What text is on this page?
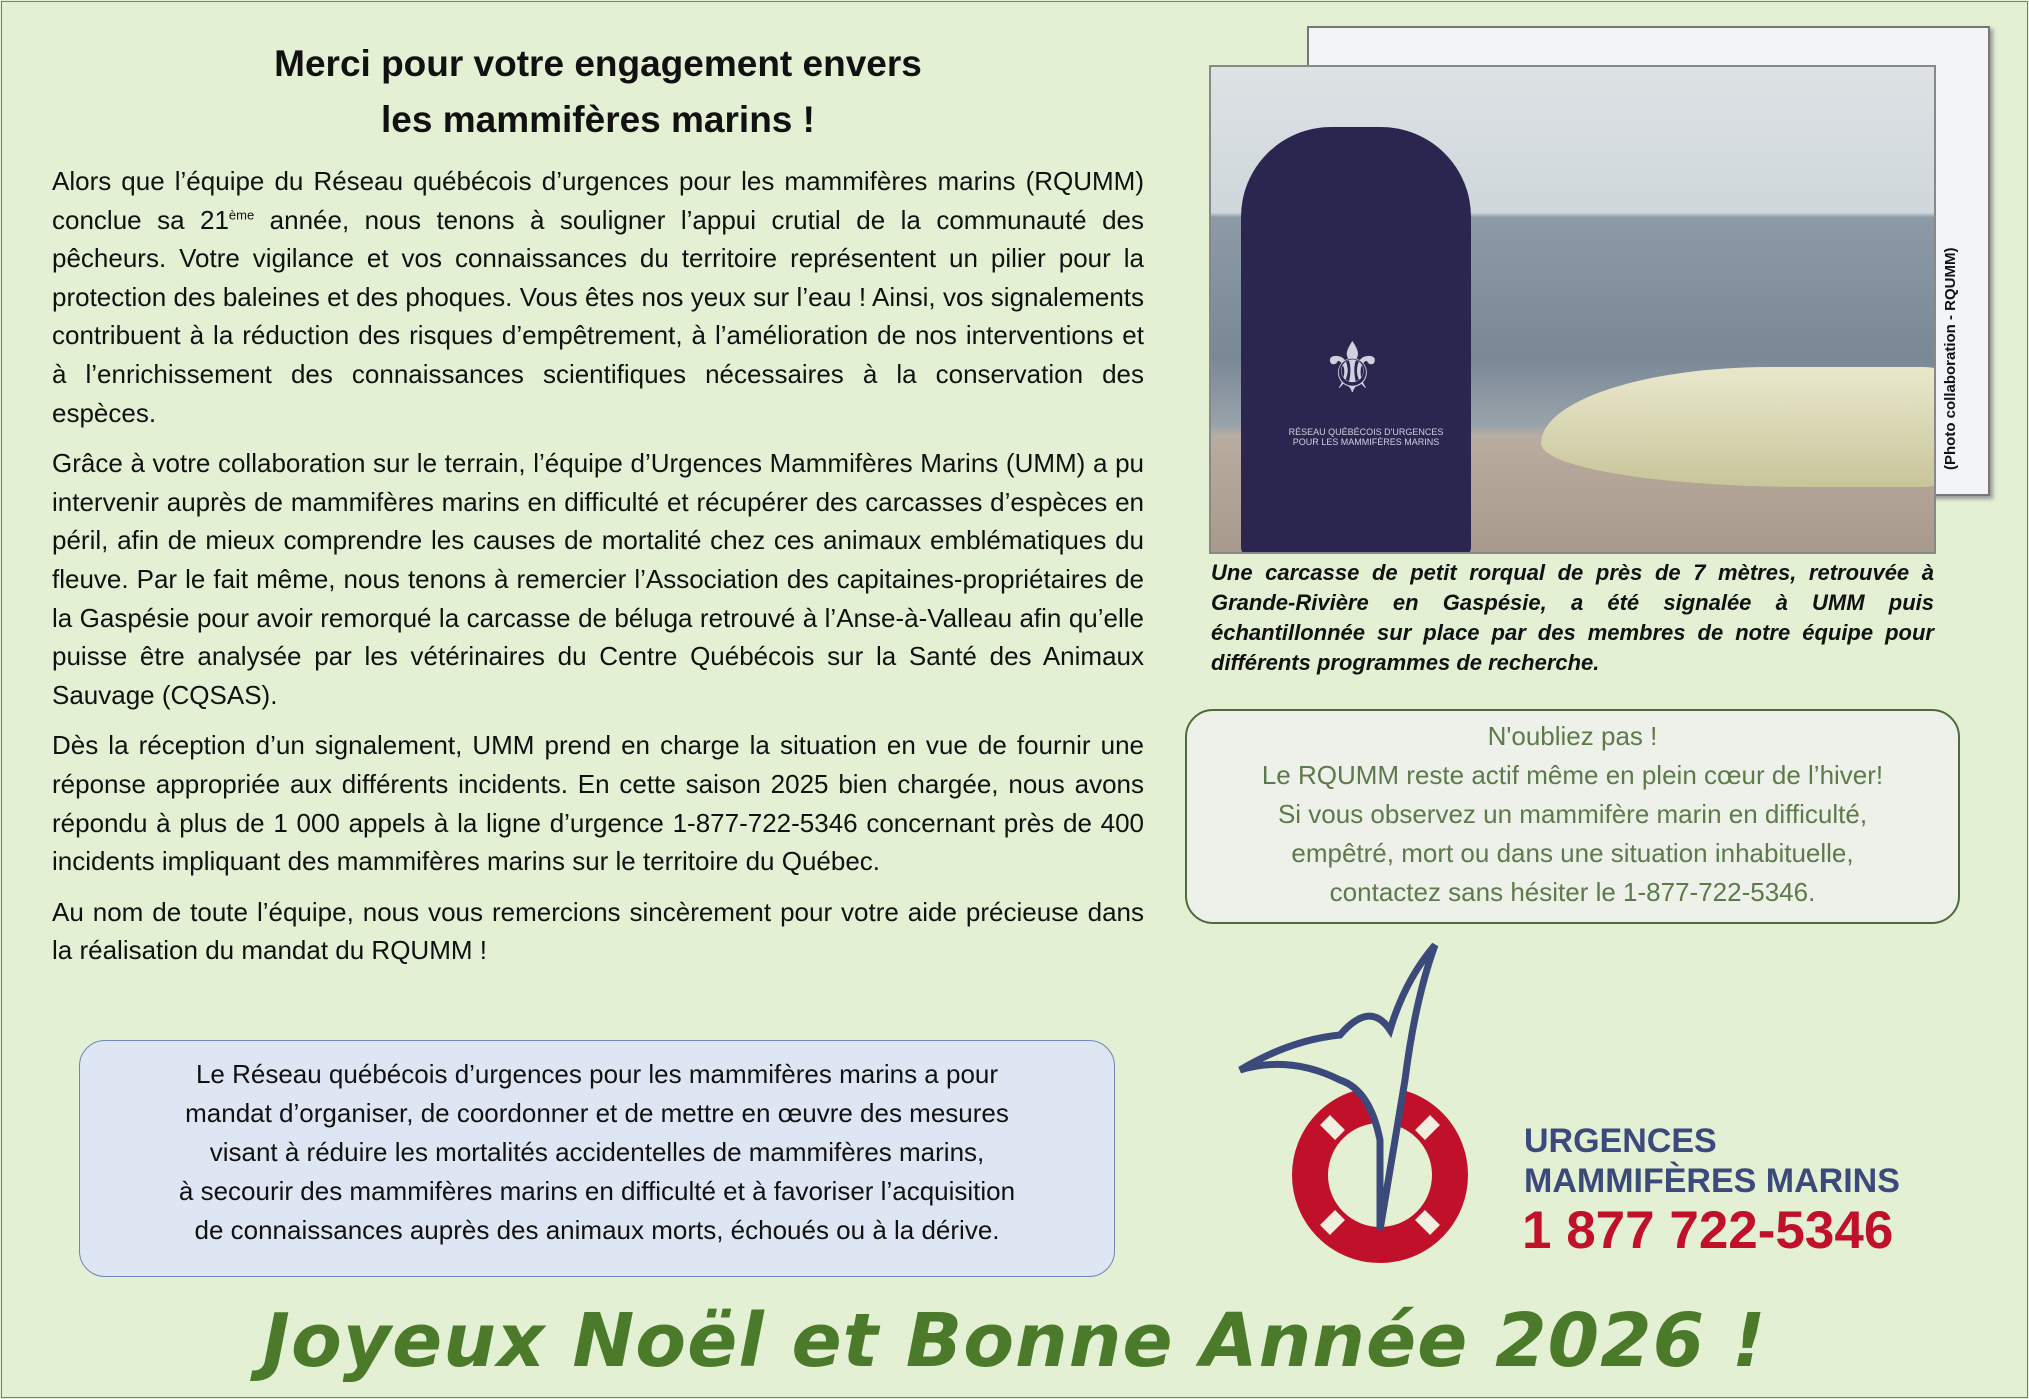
Merci pour votre engagement envers
les mammifères marins !

Alors que l’équipe du Réseau québécois d’urgences pour les mammifères marins (RQUMM) conclue sa 21ème année, nous tenons à souligner l’appui crutial de la communauté des pêcheurs. Votre vigilance et vos connaissances du territoire représentent un pilier pour la protection des baleines et des phoques. Vous êtes nos yeux sur l’eau ! Ainsi, vos signalements contribuent à la réduction des risques d’empêtrement, à l’amélioration de nos interventions et à l’enrichissement des connaissances scientifiques nécessaires à la conservation des espèces.

Grâce à votre collaboration sur le terrain, l’équipe d’Urgences Mammifères Marins (UMM) a pu intervenir auprès de mammifères marins en difficulté et récupérer des carcasses d’espèces en péril, afin de mieux comprendre les causes de mortalité chez ces animaux emblématiques du fleuve. Par le fait même, nous tenons à remercier l’Association des capitaines-propriétaires de la Gaspésie pour avoir remorqué la carcasse de béluga retrouvé à l’Anse-à-Valleau afin qu’elle puisse être analysée par les vétérinaires du Centre Québécois sur la Santé des Animaux Sauvage (CQSAS).

Dès la réception d’un signalement, UMM prend en charge la situation en vue de fournir une réponse appropriée aux différents incidents. En cette saison 2025 bien chargée, nous avons répondu à plus de 1 000 appels à la ligne d’urgence 1-877-722-5346 concernant près de 400 incidents impliquant des mammifères marins sur le territoire du Québec.

Au nom de toute l’équipe, nous vous remercions sincèrement pour votre aide précieuse dans la réalisation du mandat du RQUMM !

Le Réseau québécois d’urgences pour les mammifères marins a pour
mandat d’organiser, de coordonner et de mettre en œuvre des mesures
visant à réduire les mortalités accidentelles de mammifères marins,
à secourir des mammifères marins en difficulté et à favoriser l’acquisition
de connaissances auprès des animaux morts, échoués ou à la dérive.
(Photo collaboration - RQUMM)
⚜
RÉSEAU QUÉBÉCOIS D'URGENCES POUR LES MAMMIFÈRES MARINS
Une carcasse de petit rorqual de près de 7 mètres, retrouvée à Grande-Rivière en Gaspésie, a été signalée à UMM puis échantillonnée sur place par des membres de notre équipe pour différents programmes de recherche.
N'oubliez pas !
Le RQUMM reste actif même en plein cœur de l’hiver!
Si vous observez un mammifère marin en difficulté,
empêtré, mort ou dans une situation inhabituelle,
contactez sans hésiter le 1-877-722-5346.
URGENCES
MAMMIFÈRES MARINS
1 877 722-5346
Joyeux Noël et Bonne Année 2026 !
